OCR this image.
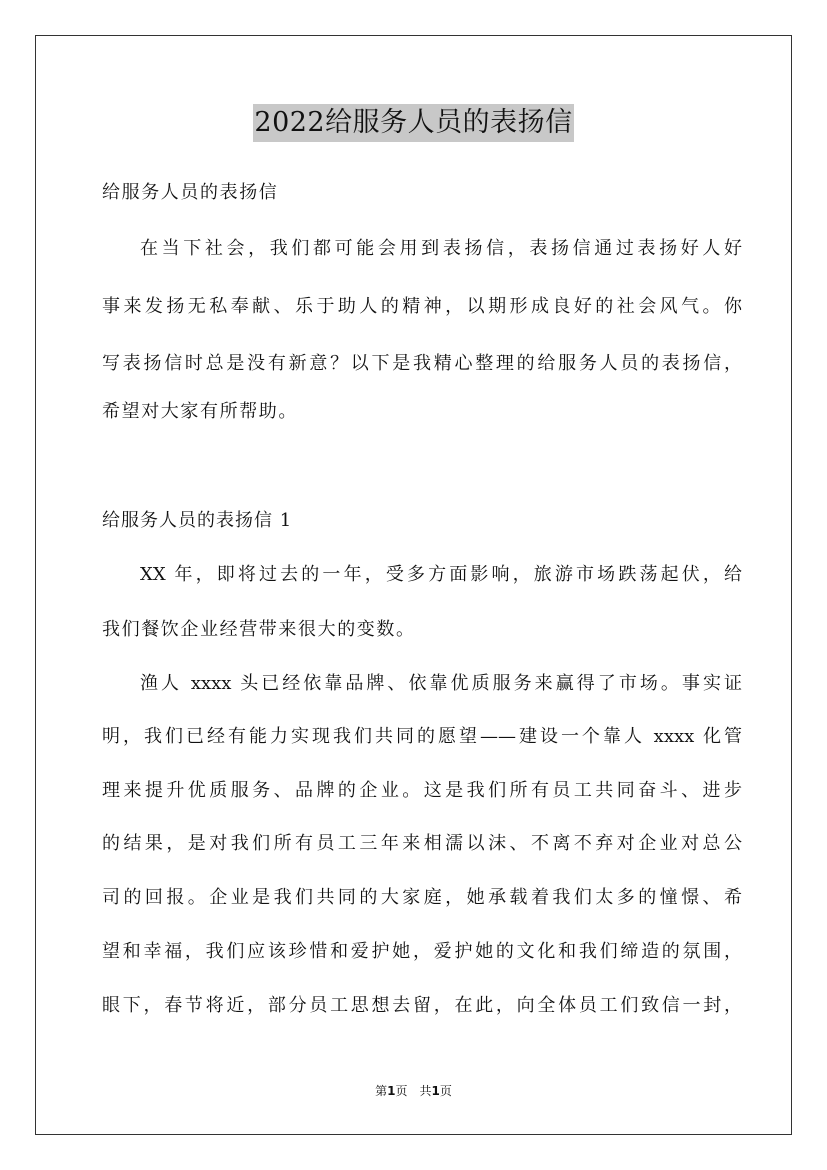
2022给服务人员的表扬信
给服务人员的表扬信
在当下社会，我们都可能会用到表扬信，表扬信通过表扬好人好
事来发扬无私奉献、乐于助人的精神，以期形成良好的社会风气。你
写表扬信时总是没有新意？以下是我精心整理的给服务人员的表扬信，
希望对大家有所帮助。
给服务人员的表扬信 1
XX 年，即将过去的一年，受多方面影响，旅游市场跌荡起伏，给
我们餐饮企业经营带来很大的变数。
渔人 xxxx 头已经依靠品牌、依靠优质服务来赢得了市场。事实证
明，我们已经有能力实现我们共同的愿望——建设一个靠人 xxxx 化管
理来提升优质服务、品牌的企业。这是我们所有员工共同奋斗、进步
的结果，是对我们所有员工三年来相濡以沫、不离不弃对企业对总公
司的回报。企业是我们共同的大家庭，她承载着我们太多的憧憬、希
望和幸福，我们应该珍惜和爱护她，爱护她的文化和我们缔造的氛围，
眼下，春节将近，部分员工思想去留，在此，向全体员工们致信一封，
第1页　共1页
